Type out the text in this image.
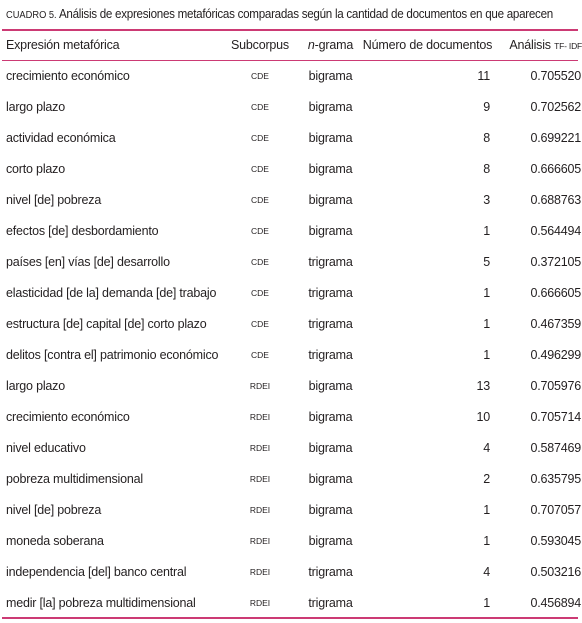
CUADRO 5. Análisis de expresiones metafóricas comparadas según la cantidad de documentos en que aparecen
Expresión metafórica	Subcorpus	n-grama	Número de documentos	Análisis TF- IDF
crecimiento económico	CDE	bigrama	11	0.705520
largo plazo	CDE	bigrama	9	0.702562
actividad económica	CDE	bigrama	8	0.699221
corto plazo	CDE	bigrama	8	0.666605
nivel [de] pobreza	CDE	bigrama	3	0.688763
efectos [de] desbordamiento	CDE	bigrama	1	0.564494
países [en] vías [de] desarrollo	CDE	trigrama	5	0.372105
elasticidad [de la] demanda [de] trabajo	CDE	trigrama	1	0.666605
estructura [de] capital [de] corto plazo	CDE	trigrama	1	0.467359
delitos [contra el] patrimonio económico	CDE	trigrama	1	0.496299
largo plazo	RDEI	bigrama	13	0.705976
crecimiento económico	RDEI	bigrama	10	0.705714
nivel educativo	RDEI	bigrama	4	0.587469
pobreza multidimensional	RDEI	bigrama	2	0.635795
nivel [de] pobreza	RDEI	bigrama	1	0.707057
moneda soberana	RDEI	bigrama	1	0.593045
independencia [del] banco central	RDEI	trigrama	4	0.503216
medir [la] pobreza multidimensional	RDEI	trigrama	1	0.456894
